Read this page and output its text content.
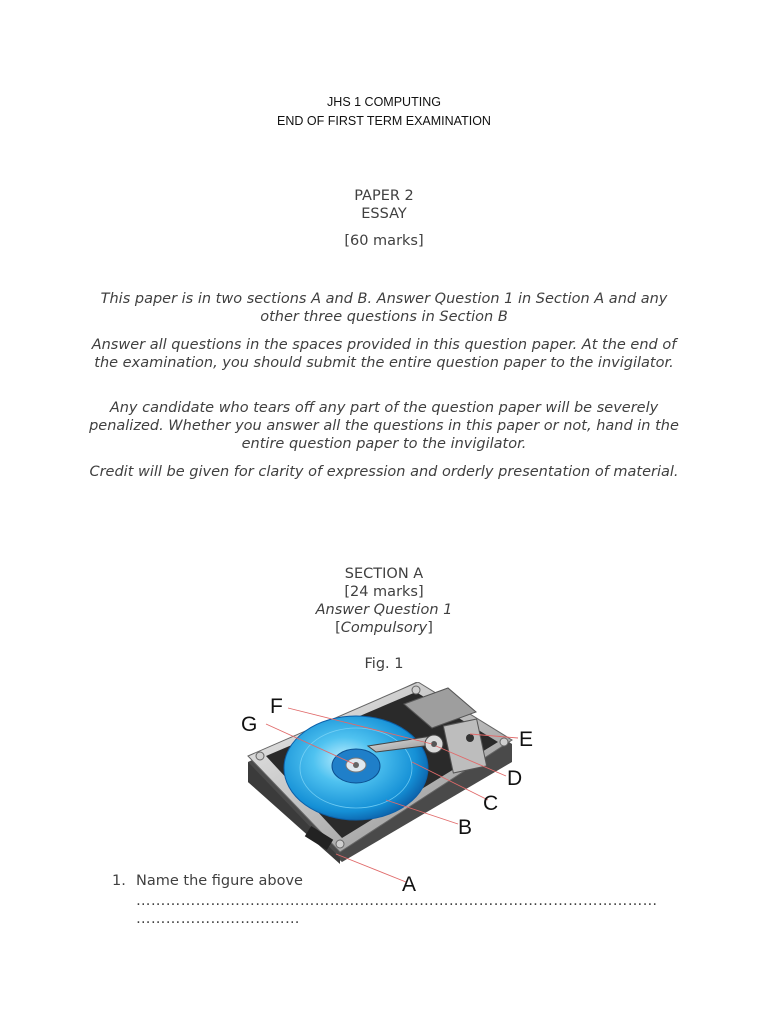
JHS 1 COMPUTING
END OF FIRST TERM EXAMINATION
PAPER 2
ESSAY
[60 marks]
This paper is in two sections A and B. Answer Question 1 in Section A and any other three questions in Section B
Answer all questions in the spaces provided in this question paper. At the end of the examination, you should submit the entire question paper to the invigilator.
Any candidate who tears off any part of the question paper will be severely penalized. Whether you answer all the questions in this paper or not, hand in the entire question paper to the invigilator.
Credit will be given for clarity of expression and orderly presentation of material.
SECTION A
[24 marks]
Answer Question 1
[Compulsory]
Fig. 1
A
B
C
D
E
F
G
1. Name the figure above
……………………………………………………………………………………………
……………………………
